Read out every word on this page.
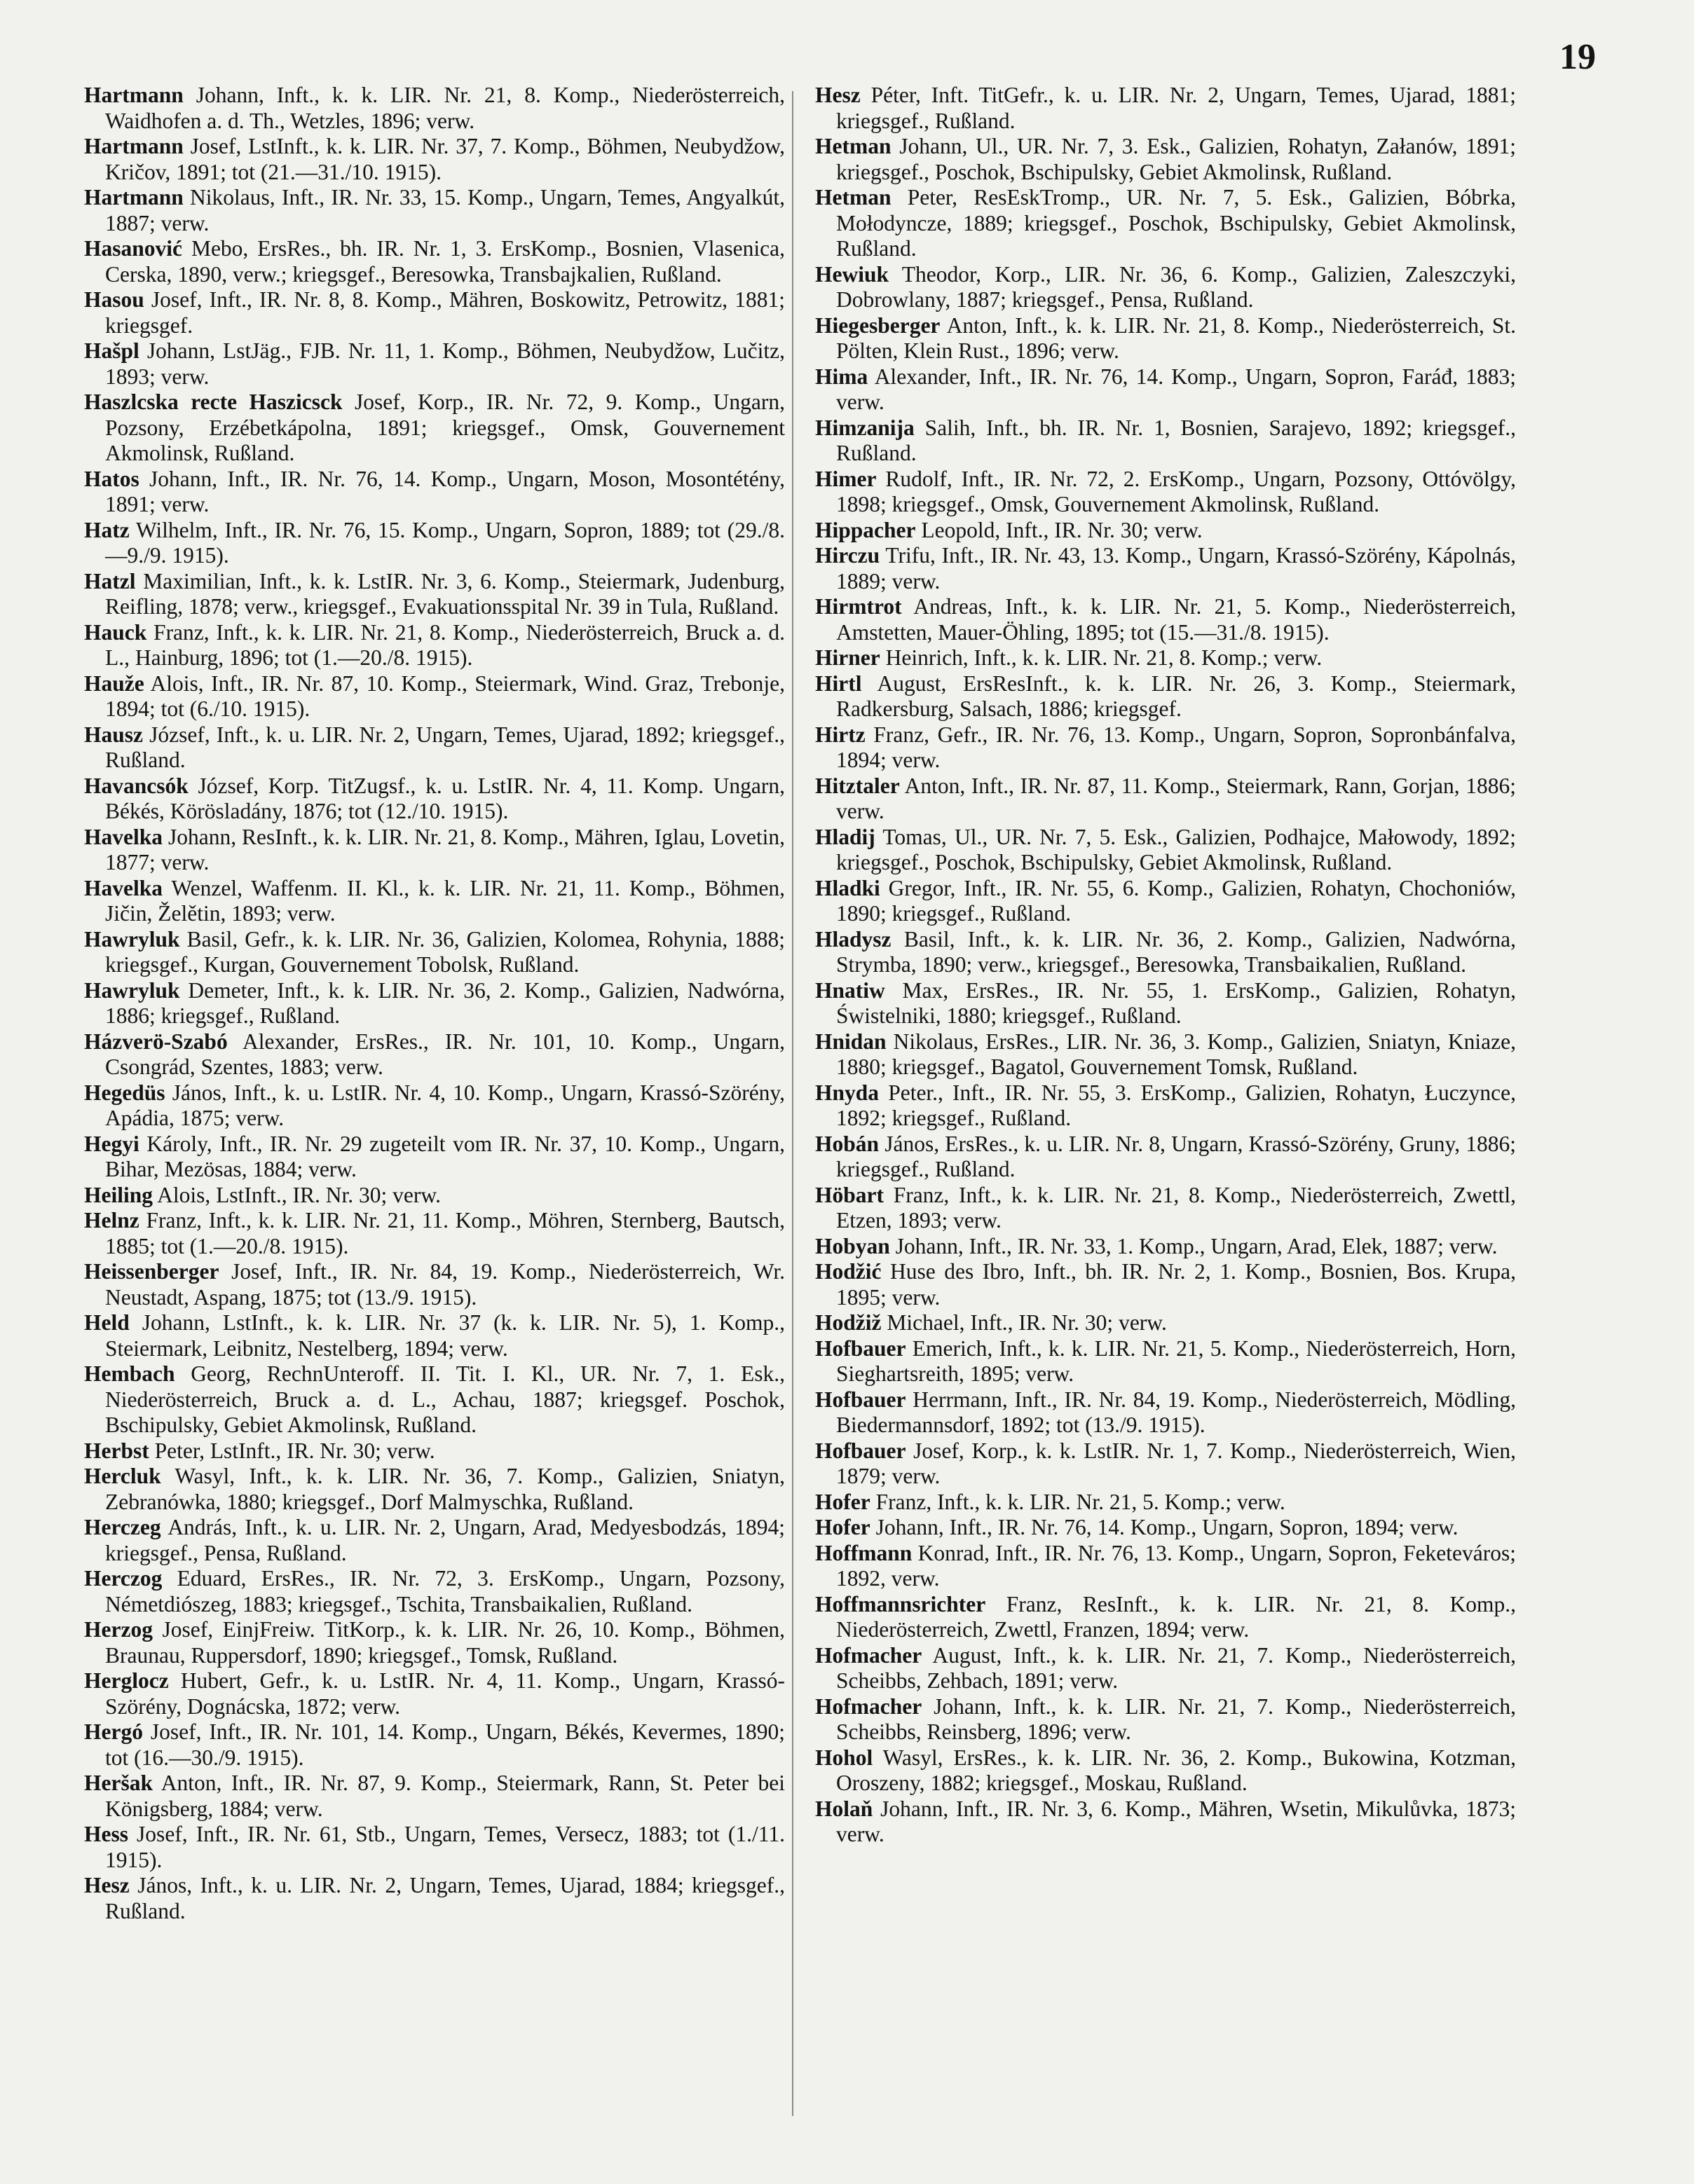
19
Hartmann Johann, Inft., k. k. LIR. Nr. 21, 8. Komp., Niederösterreich, Waidhofen a. d. Th., Wetzles, 1896; verw.
Hartmann Josef, LstInft., k. k. LIR. Nr. 37, 7. Komp., Böhmen, Neubydžow, Kričov, 1891; tot (21.—31./10. 1915).
Hartmann Nikolaus, Inft., IR. Nr. 33, 15. Komp., Ungarn, Temes, Angyalkút, 1887; verw.
Hasanović Mebo, ErsRes., bh. IR. Nr. 1, 3. ErsKomp., Bosnien, Vlasenica, Cerska, 1890, verw.; kriegsgef., Beresowka, Transbajkalien, Rußland.
Hasou Josef, Inft., IR. Nr. 8, 8. Komp., Mähren, Boskowitz, Petrowitz, 1881; kriegsgef.
Hašpl Johann, LstJäg., FJB. Nr. 11, 1. Komp., Böhmen, Neubydžow, Lučitz, 1893; verw.
Haszlcska recte Haszicsck Josef, Korp., IR. Nr. 72, 9. Komp., Ungarn, Pozsony, Erzébetkápolna, 1891; kriegsgef., Omsk, Gouvernement Akmolinsk, Rußland.
Hatos Johann, Inft., IR. Nr. 76, 14. Komp., Ungarn, Moson, Mosontétény, 1891; verw.
Hatz Wilhelm, Inft., IR. Nr. 76, 15. Komp., Ungarn, Sopron, 1889; tot (29./8.—9./9. 1915).
Hatzl Maximilian, Inft., k. k. LstIR. Nr. 3, 6. Komp., Steiermark, Judenburg, Reifling, 1878; verw., kriegsgef., Evakuationsspital Nr. 39 in Tula, Rußland.
Hauck Franz, Inft., k. k. LIR. Nr. 21, 8. Komp., Niederösterreich, Bruck a. d. L., Hainburg, 1896; tot (1.—20./8. 1915).
Hauže Alois, Inft., IR. Nr. 87, 10. Komp., Steiermark, Wind. Graz, Trebonje, 1894; tot (6./10. 1915).
Hausz József, Inft., k. u. LIR. Nr. 2, Ungarn, Temes, Ujarad, 1892; kriegsgef., Rußland.
Havancsók József, Korp. TitZugsf., k. u. LstIR. Nr. 4, 11. Komp. Ungarn, Békés, Körösladány, 1876; tot (12./10. 1915).
Havelka Johann, ResInft., k. k. LIR. Nr. 21, 8. Komp., Mähren, Iglau, Lovetin, 1877; verw.
Havelka Wenzel, Waffenm. II. Kl., k. k. LIR. Nr. 21, 11. Komp., Böhmen, Jičin, Želětin, 1893; verw.
Hawryluk Basil, Gefr., k. k. LIR. Nr. 36, Galizien, Kolomea, Rohynia, 1888; kriegsgef., Kurgan, Gouvernement Tobolsk, Rußland.
Hawryluk Demeter, Inft., k. k. LIR. Nr. 36, 2. Komp., Galizien, Nadwórna, 1886; kriegsgef., Rußland.
Házverö-Szabó Alexander, ErsRes., IR. Nr. 101, 10. Komp., Ungarn, Csongrád, Szentes, 1883; verw.
Hegedüs János, Inft., k. u. LstIR. Nr. 4, 10. Komp., Ungarn, Krassó-Szörény, Apádia, 1875; verw.
Hegyi Károly, Inft., IR. Nr. 29 zugeteilt vom IR. Nr. 37, 10. Komp., Ungarn, Bihar, Mezösas, 1884; verw.
Heiling Alois, LstInft., IR. Nr. 30; verw.
Helnz Franz, Inft., k. k. LIR. Nr. 21, 11. Komp., Möhren, Sternberg, Bautsch, 1885; tot (1.—20./8. 1915).
Heissenberger Josef, Inft., IR. Nr. 84, 19. Komp., Niederösterreich, Wr. Neustadt, Aspang, 1875; tot (13./9. 1915).
Held Johann, LstInft., k. k. LIR. Nr. 37 (k. k. LIR. Nr. 5), 1. Komp., Steiermark, Leibnitz, Nestelberg, 1894; verw.
Hembach Georg, RechnUnteroff. II. Tit. I. Kl., UR. Nr. 7, 1. Esk., Niederösterreich, Bruck a. d. L., Achau, 1887; kriegsgef. Poschok, Bschipulsky, Gebiet Akmolinsk, Rußland.
Herbst Peter, LstInft., IR. Nr. 30; verw.
Hercluk Wasyl, Inft., k. k. LIR. Nr. 36, 7. Komp., Galizien, Sniatyn, Zebranówka, 1880; kriegsgef., Dorf Malmyschka, Rußland.
Herczeg András, Inft., k. u. LIR. Nr. 2, Ungarn, Arad, Medyesbodzás, 1894; kriegsgef., Pensa, Rußland.
Herczog Eduard, ErsRes., IR. Nr. 72, 3. ErsKomp., Ungarn, Pozsony, Németdiószeg, 1883; kriegsgef., Tschita, Transbaikalien, Rußland.
Herzog Josef, EinjFreiw. TitKorp., k. k. LIR. Nr. 26, 10. Komp., Böhmen, Braunau, Ruppersdorf, 1890; kriegsgef., Tomsk, Rußland.
Herglocz Hubert, Gefr., k. u. LstIR. Nr. 4, 11. Komp., Ungarn, Krassó-Szörény, Dognácska, 1872; verw.
Hergó Josef, Inft., IR. Nr. 101, 14. Komp., Ungarn, Békés, Kevermes, 1890; tot (16.—30./9. 1915).
Heršak Anton, Inft., IR. Nr. 87, 9. Komp., Steiermark, Rann, St. Peter bei Königsberg, 1884; verw.
Hess Josef, Inft., IR. Nr. 61, Stb., Ungarn, Temes, Versecz, 1883; tot (1./11. 1915).
Hesz János, Inft., k. u. LIR. Nr. 2, Ungarn, Temes, Ujarad, 1884; kriegsgef., Rußland.
Hesz Péter, Inft. TitGefr., k. u. LIR. Nr. 2, Ungarn, Temes, Ujarad, 1881; kriegsgef., Rußland.
Hetman Johann, Ul., UR. Nr. 7, 3. Esk., Galizien, Rohatyn, Załanów, 1891; kriegsgef., Poschok, Bschipulsky, Gebiet Akmolinsk, Rußland.
Hetman Peter, ResEskTromp., UR. Nr. 7, 5. Esk., Galizien, Bóbrka, Mołodyncze, 1889; kriegsgef., Poschok, Bschipulsky, Gebiet Akmolinsk, Rußland.
Hewiuk Theodor, Korp., LIR. Nr. 36, 6. Komp., Galizien, Zaleszczyki, Dobrowlany, 1887; kriegsgef., Pensa, Rußland.
Hiegesberger Anton, Inft., k. k. LIR. Nr. 21, 8. Komp., Niederösterreich, St. Pölten, Klein Rust., 1896; verw.
Hima Alexander, Inft., IR. Nr. 76, 14. Komp., Ungarn, Sopron, Faráđ, 1883; verw.
Himzanija Salih, Inft., bh. IR. Nr. 1, Bosnien, Sarajevo, 1892; kriegsgef., Rußland.
Himer Rudolf, Inft., IR. Nr. 72, 2. ErsKomp., Ungarn, Pozsony, Ottóvölgy, 1898; kriegsgef., Omsk, Gouvernement Akmolinsk, Rußland.
Hippacher Leopold, Inft., IR. Nr. 30; verw.
Hirczu Trifu, Inft., IR. Nr. 43, 13. Komp., Ungarn, Krassó-Szörény, Kápolnás, 1889; verw.
Hirmtrot Andreas, Inft., k. k. LIR. Nr. 21, 5. Komp., Niederösterreich, Amstetten, Mauer-Öhling, 1895; tot (15.—31./8. 1915).
Hirner Heinrich, Inft., k. k. LIR. Nr. 21, 8. Komp.; verw.
Hirtl August, ErsResInft., k. k. LIR. Nr. 26, 3. Komp., Steiermark, Radkersburg, Salsach, 1886; kriegsgef.
Hirtz Franz, Gefr., IR. Nr. 76, 13. Komp., Ungarn, Sopron, Sopronbánfalva, 1894; verw.
Hitztaler Anton, Inft., IR. Nr. 87, 11. Komp., Steiermark, Rann, Gorjan, 1886; verw.
Hladij Tomas, Ul., UR. Nr. 7, 5. Esk., Galizien, Podhajce, Małowody, 1892; kriegsgef., Poschok, Bschipulsky, Gebiet Akmolinsk, Rußland.
Hladki Gregor, Inft., IR. Nr. 55, 6. Komp., Galizien, Rohatyn, Chochoniów, 1890; kriegsgef., Rußland.
Hladysz Basil, Inft., k. k. LIR. Nr. 36, 2. Komp., Galizien, Nadwórna, Strymba, 1890; verw., kriegsgef., Beresowka, Transbaikalien, Rußland.
Hnatiw Max, ErsRes., IR. Nr. 55, 1. ErsKomp., Galizien, Rohatyn, Świstelniki, 1880; kriegsgef., Rußland.
Hnidan Nikolaus, ErsRes., LIR. Nr. 36, 3. Komp., Galizien, Sniatyn, Kniaze, 1880; kriegsgef., Bagatol, Gouvernement Tomsk, Rußland.
Hnyda Peter., Inft., IR. Nr. 55, 3. ErsKomp., Galizien, Rohatyn, Łuczynce, 1892; kriegsgef., Rußland.
Hobán János, ErsRes., k. u. LIR. Nr. 8, Ungarn, Krassó-Szörény, Gruny, 1886; kriegsgef., Rußland.
Höbart Franz, Inft., k. k. LIR. Nr. 21, 8. Komp., Niederösterreich, Zwettl, Etzen, 1893; verw.
Hobyan Johann, Inft., IR. Nr. 33, 1. Komp., Ungarn, Arad, Elek, 1887; verw.
Hodžić Huse des Ibro, Inft., bh. IR. Nr. 2, 1. Komp., Bosnien, Bos. Krupa, 1895; verw.
Hodžiž Michael, Inft., IR. Nr. 30; verw.
Hofbauer Emerich, Inft., k. k. LIR. Nr. 21, 5. Komp., Niederösterreich, Horn, Sieghartsreith, 1895; verw.
Hofbauer Herrmann, Inft., IR. Nr. 84, 19. Komp., Niederösterreich, Mödling, Biedermannsdorf, 1892; tot (13./9. 1915).
Hofbauer Josef, Korp., k. k. LstIR. Nr. 1, 7. Komp., Niederösterreich, Wien, 1879; verw.
Hofer Franz, Inft., k. k. LIR. Nr. 21, 5. Komp.; verw.
Hofer Johann, Inft., IR. Nr. 76, 14. Komp., Ungarn, Sopron, 1894; verw.
Hoffmann Konrad, Inft., IR. Nr. 76, 13. Komp., Ungarn, Sopron, Feketeváros; 1892, verw.
Hoffmannsrichter Franz, ResInft., k. k. LIR. Nr. 21, 8. Komp., Niederösterreich, Zwettl, Franzen, 1894; verw.
Hofmacher August, Inft., k. k. LIR. Nr. 21, 7. Komp., Niederösterreich, Scheibbs, Zehbach, 1891; verw.
Hofmacher Johann, Inft., k. k. LIR. Nr. 21, 7. Komp., Niederösterreich, Scheibbs, Reinsberg, 1896; verw.
Hohol Wasyl, ErsRes., k. k. LIR. Nr. 36, 2. Komp., Bukowina, Kotzman, Oroszeny, 1882; kriegsgef., Moskau, Rußland.
Holaň Johann, Inft., IR. Nr. 3, 6. Komp., Mähren, Wsetin, Mikulůvka, 1873; verw.
